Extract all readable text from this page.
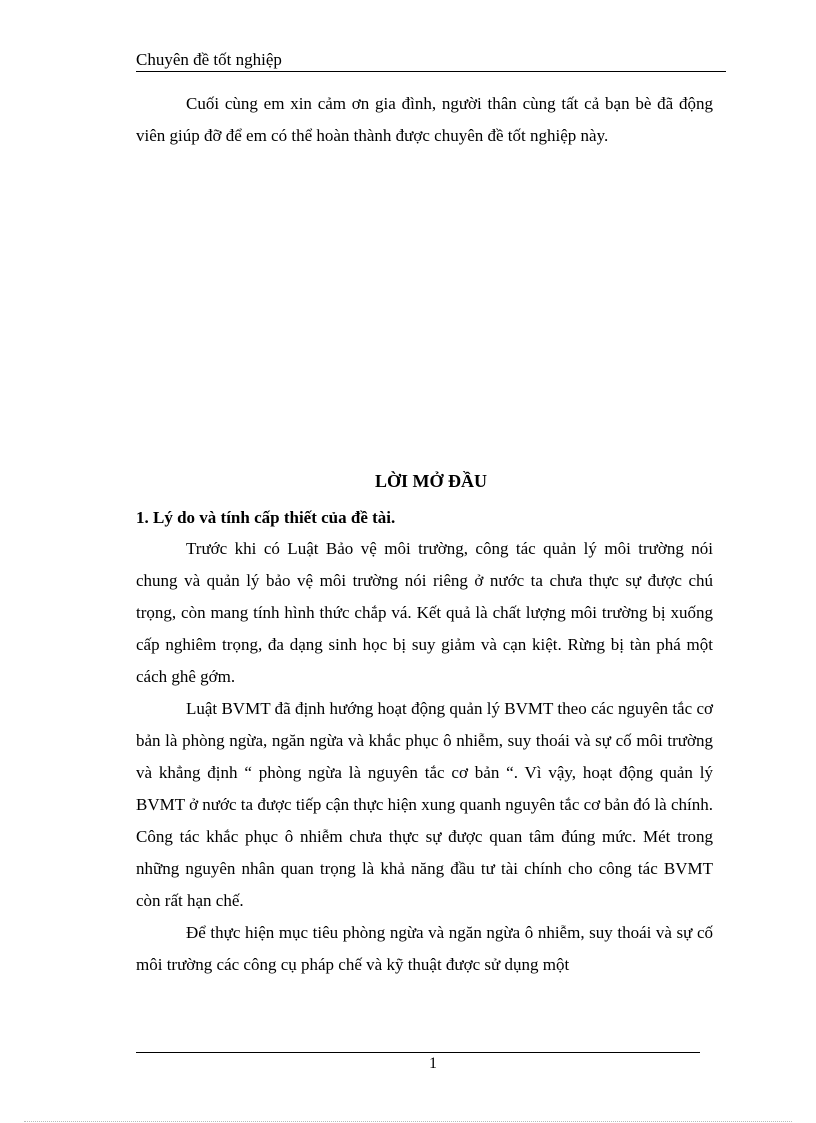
Chuyên đề tốt nghiệp

Cuối cùng em xin cảm ơn gia đình, người thân cùng tất cả bạn bè đã động viên giúp đỡ để em có thể hoàn thành được chuyên đề tốt nghiệp này.

LỜI MỞ ĐẦU
1. Lý do và tính cấp thiết của đề tài.

Trước khi có Luật Bảo vệ môi trường, công tác quản lý môi trường nói chung và quản lý bảo vệ môi trường nói riêng ở nước ta chưa thực sự được chú trọng, còn mang tính hình thức chắp vá. Kết quả là chất lượng môi trường bị xuống cấp nghiêm trọng, đa dạng sinh học bị suy giảm và cạn kiệt. Rừng bị tàn phá một cách ghê gớm.

Luật BVMT đã định hướng hoạt động quản lý BVMT theo các nguyên tắc cơ bản là phòng ngừa, ngăn ngừa và khắc phục ô nhiễm, suy thoái và sự cố môi trường và khẳng định “ phòng ngừa là nguyên tắc cơ bản “. Vì vậy, hoạt động quản lý BVMT ở nước ta được tiếp cận thực hiện xung quanh nguyên tắc cơ bản đó là chính. Công tác khắc phục ô nhiễm chưa thực sự được quan tâm đúng mức. Mét trong những nguyên nhân quan trọng là khả năng đầu tư tài chính cho công tác BVMT còn rất hạn chế.

Để thực hiện mục tiêu phòng ngừa và ngăn ngừa ô nhiễm, suy thoái và sự cố môi trường các công cụ pháp chế và kỹ thuật được sử dụng một

1
